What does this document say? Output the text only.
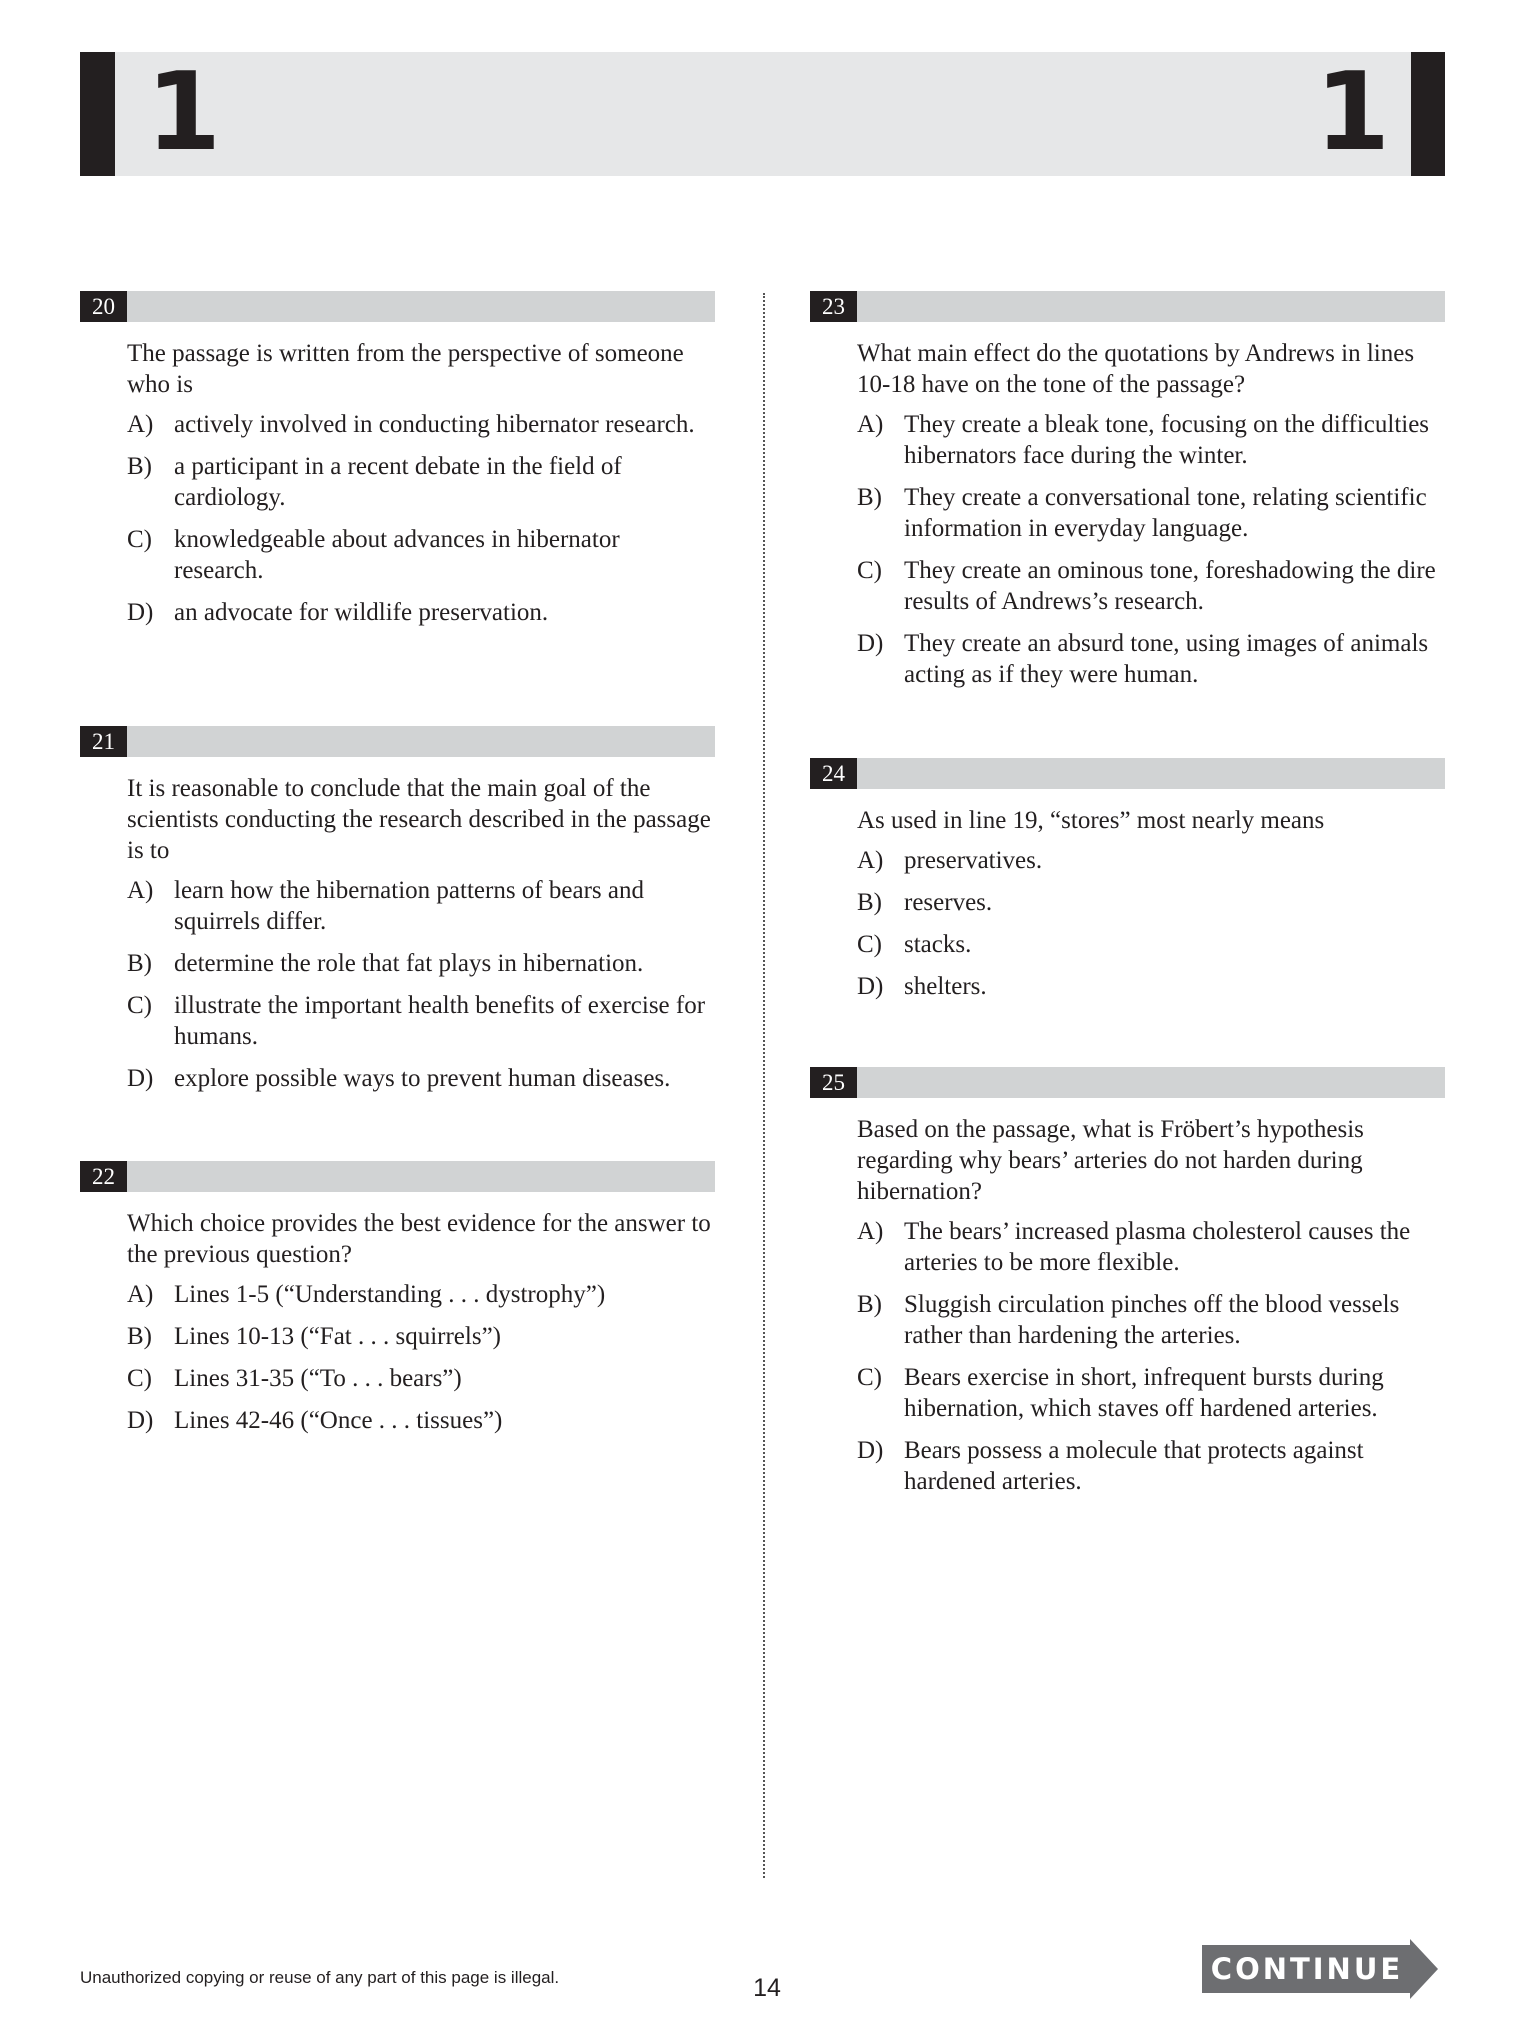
1	1
20
The passage is written from the perspective of someone who is
A) actively involved in conducting hibernator research.
B) a participant in a recent debate in the field of cardiology.
C) knowledgeable about advances in hibernator research.
D) an advocate for wildlife preservation.
21
It is reasonable to conclude that the main goal of the scientists conducting the research described in the passage is to
A) learn how the hibernation patterns of bears and squirrels differ.
B) determine the role that fat plays in hibernation.
C) illustrate the important health benefits of exercise for humans.
D) explore possible ways to prevent human diseases.
22
Which choice provides the best evidence for the answer to the previous question?
A) Lines 1-5 (“Understanding . . . dystrophy”)
B) Lines 10-13 (“Fat . . . squirrels”)
C) Lines 31-35 (“To . . . bears”)
D) Lines 42-46 (“Once . . . tissues”)
23
What main effect do the quotations by Andrews in lines 10-18 have on the tone of the passage?
A) They create a bleak tone, focusing on the difficulties hibernators face during the winter.
B) They create a conversational tone, relating scientific information in everyday language.
C) They create an ominous tone, foreshadowing the dire results of Andrews’s research.
D) They create an absurd tone, using images of animals acting as if they were human.
24
As used in line 19, “stores” most nearly means
A) preservatives.
B) reserves.
C) stacks.
D) shelters.
25
Based on the passage, what is Fröbert’s hypothesis regarding why bears’ arteries do not harden during hibernation?
A) The bears’ increased plasma cholesterol causes the arteries to be more flexible.
B) Sluggish circulation pinches off the blood vessels rather than hardening the arteries.
C) Bears exercise in short, infrequent bursts during hibernation, which staves off hardened arteries.
D) Bears possess a molecule that protects against hardened arteries.
Unauthorized copying or reuse of any part of this page is illegal.	14
CONTINUE
